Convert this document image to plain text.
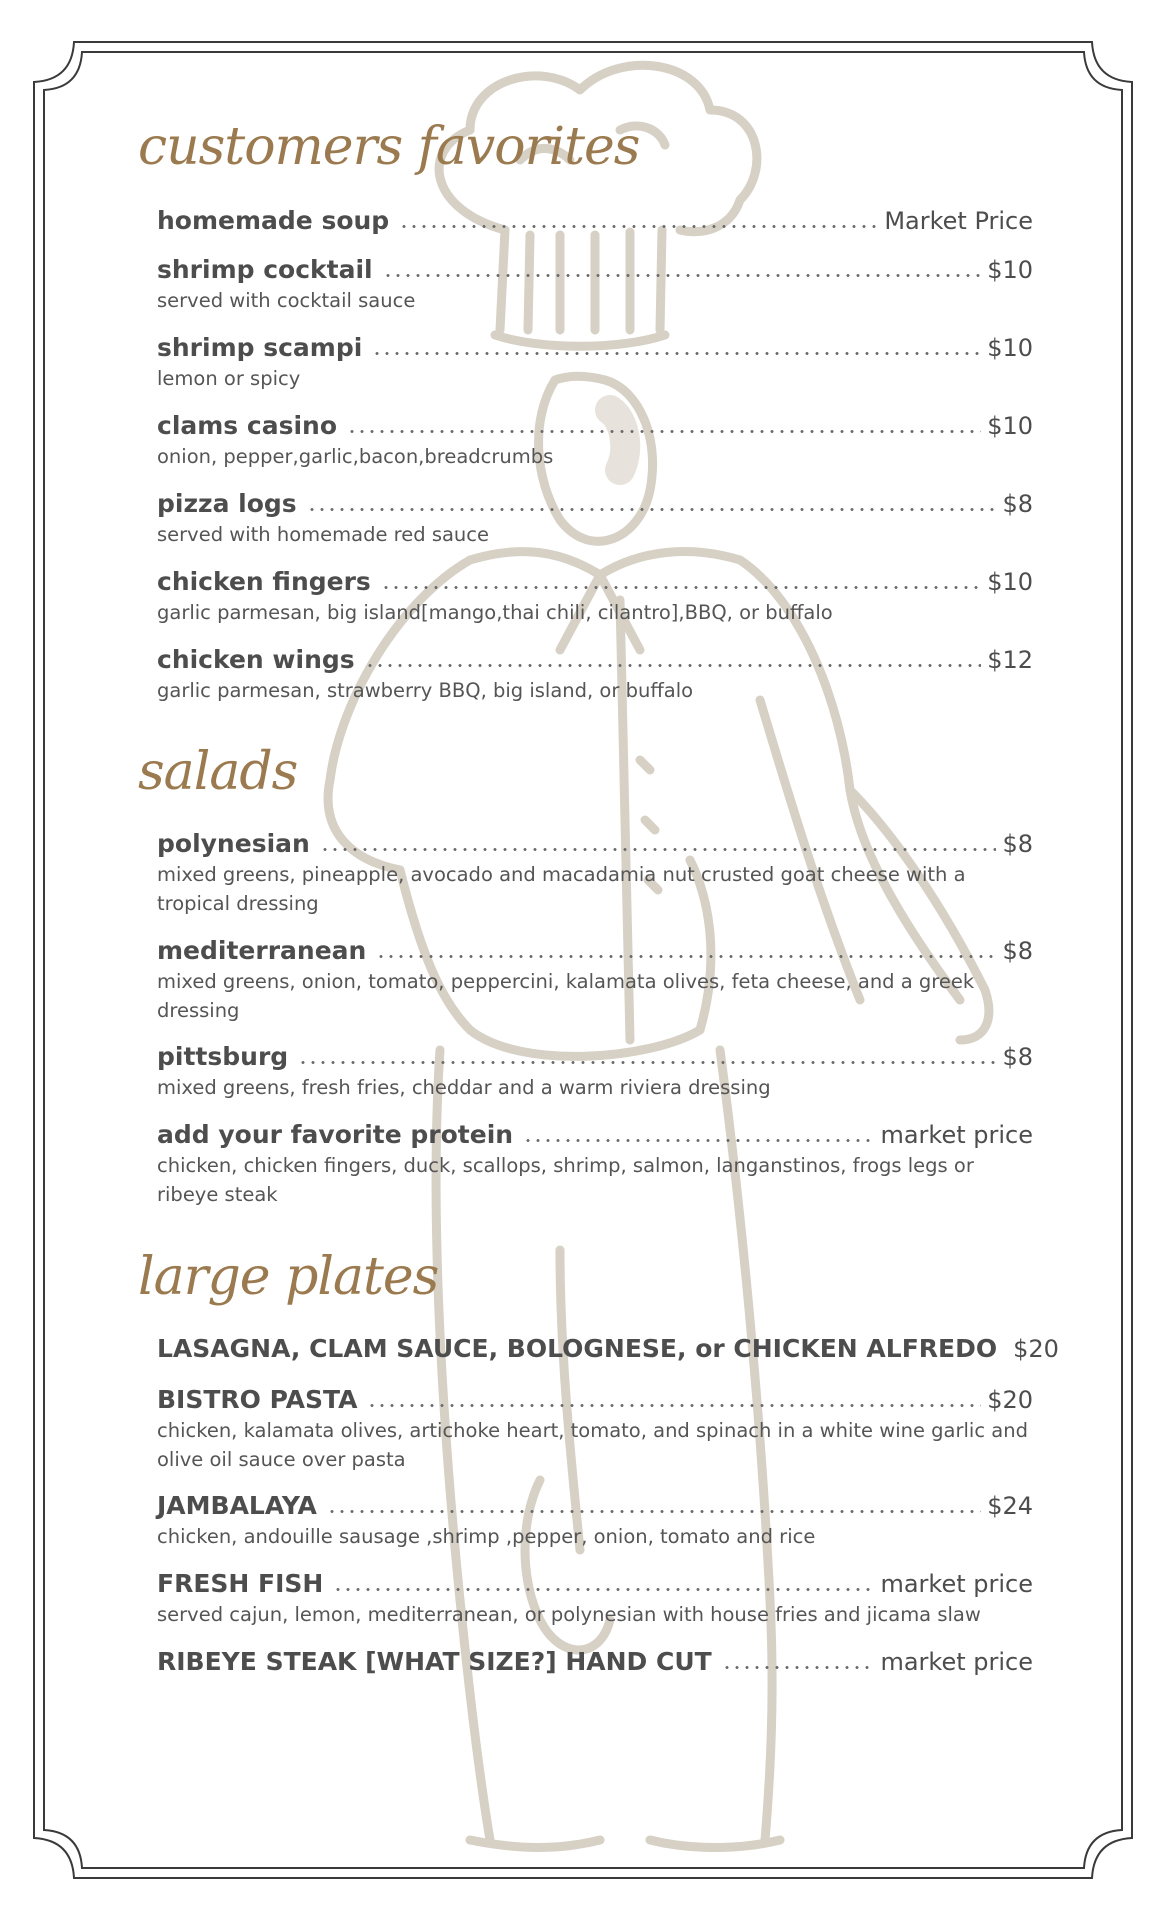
customers favorites
salads
large plates
homemade soup	Market Price
shrimp cocktail	$10
served with cocktail sauce
shrimp scampi	$10
lemon or spicy
clams casino	$10
onion, pepper,garlic,bacon,breadcrumbs
pizza logs	$8
served with homemade red sauce
chicken fingers	$10
garlic parmesan, big island[mango,thai chili, cilantro],BBQ, or buffalo
chicken wings	$12
garlic parmesan, strawberry BBQ, big island, or buffalo
polynesian	$8
mixed greens, pineapple, avocado and macadamia nut crusted goat cheese with a tropical dressing
mediterranean	$8
mixed greens, onion, tomato, peppercini, kalamata olives, feta cheese, and a greek dressing
pittsburg	$8
mixed greens, fresh fries, cheddar and a warm riviera dressing
add your favorite protein	market price
chicken, chicken fingers, duck, scallops, shrimp, salmon, langanstinos, frogs legs or ribeye steak
LASAGNA, CLAM SAUCE, BOLOGNESE, or CHICKEN ALFREDO $20
BISTRO PASTA	$20
chicken, kalamata olives, artichoke heart, tomato, and spinach in a white wine garlic and olive oil sauce over pasta
JAMBALAYA	$24
chicken, andouille sausage ,shrimp ,pepper, onion, tomato and rice
FRESH FISH	market price
served cajun, lemon, mediterranean, or polynesian with house fries and jicama slaw
RIBEYE STEAK [WHAT SIZE?] HAND CUT	market price
